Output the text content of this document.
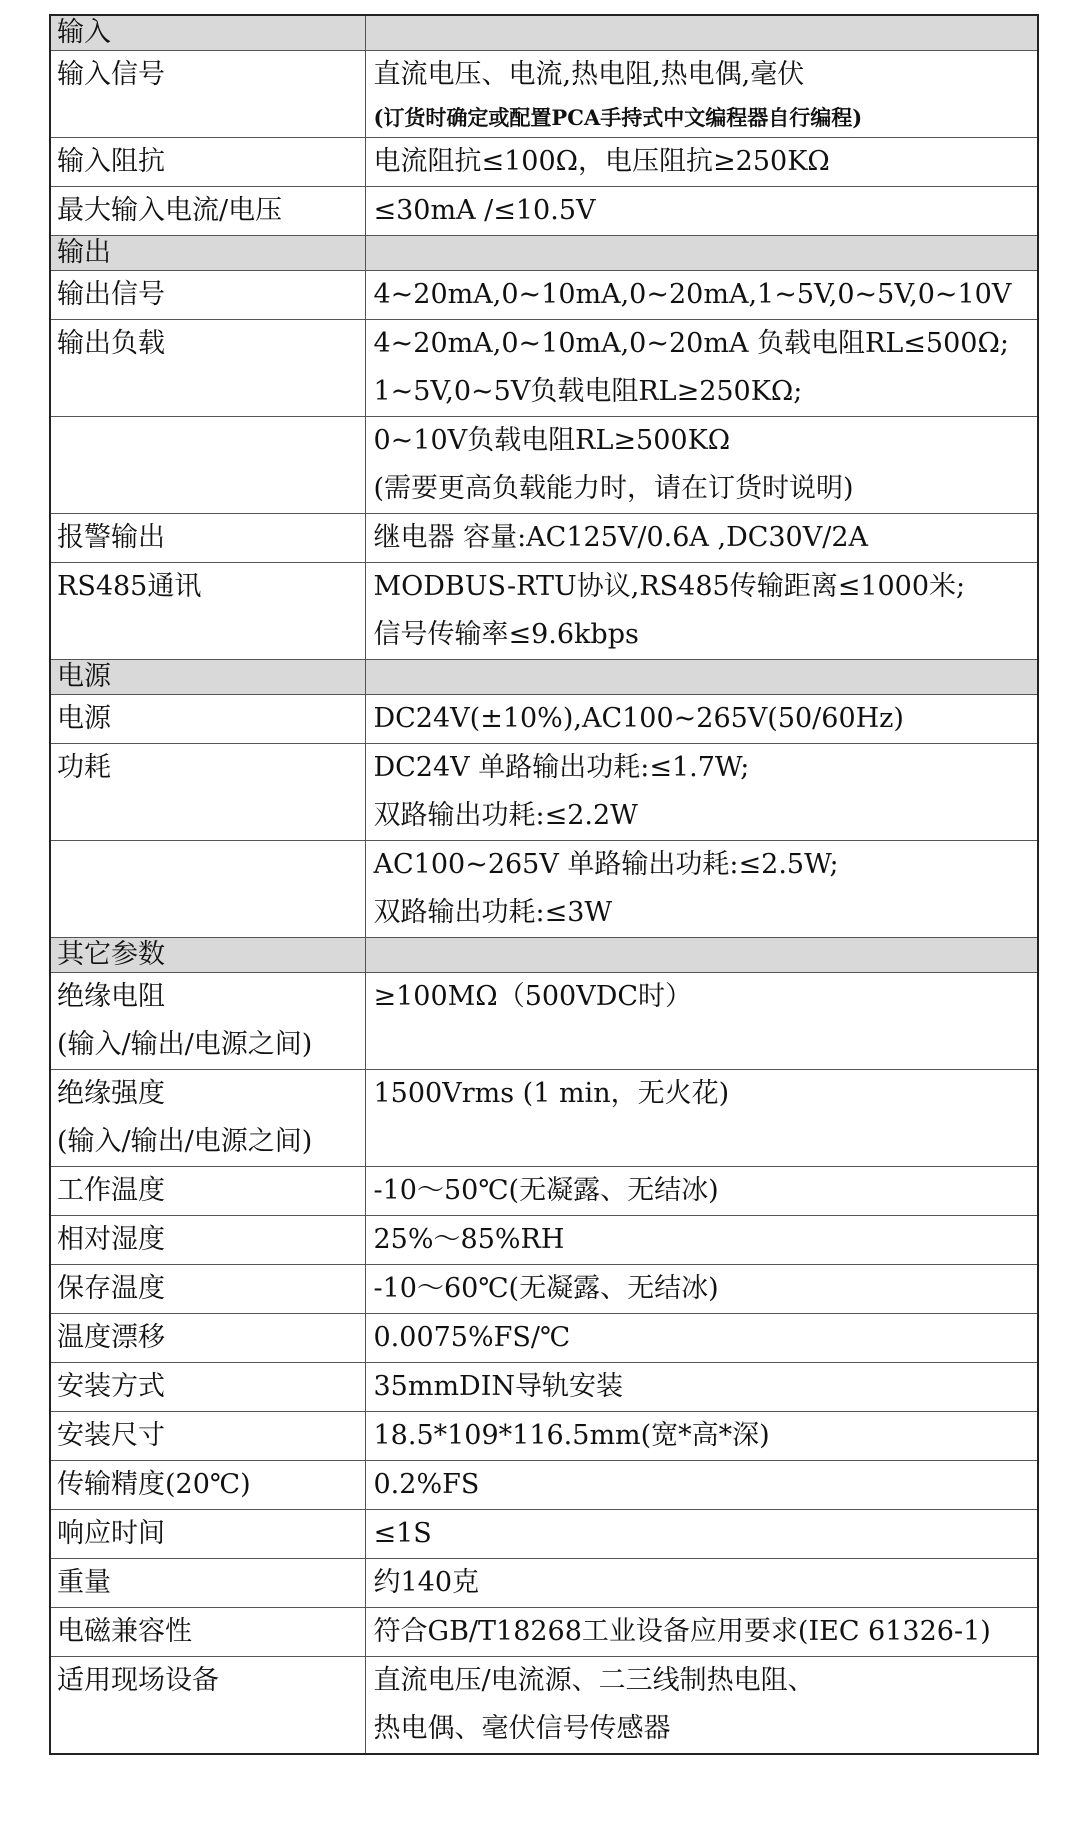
输入	

输入信号	直流电压、电流,热电阻,热电偶,毫伏
(订货时确定或配置PCA手持式中文编程器自行编程)

输入阻抗	电流阻抗≤100Ω，电压阻抗≥250KΩ

最大输入电流/电压	≤30mA /≤10.5V

输出	

输出信号	4~20mA,0~10mA,0~20mA,1~5V,0~5V,0~10V

输出负载	4~20mA,0~10mA,0~20mA 负载电阻RL≤500Ω;
1~5V,0~5V负载电阻RL≥250KΩ;

	0~10V负载电阻RL≥500KΩ
(需要更高负载能力时，请在订货时说明)

报警输出	继电器 容量:AC125V/0.6A ,DC30V/2A

RS485通讯	MODBUS-RTU协议,RS485传输距离≤1000米;
信号传输率≤9.6kbps

电源	

电源	DC24V(±10%),AC100~265V(50/60Hz)

功耗	DC24V 单路输出功耗:≤1.7W;
双路输出功耗:≤2.2W

	AC100~265V 单路输出功耗:≤2.5W;
双路输出功耗:≤3W

其它参数	

绝缘电阻
(输入/输出/电源之间)	≥100MΩ（500VDC时）

绝缘强度
(输入/输出/电源之间)	1500Vrms (1 min，无火花)

工作温度	-10～50℃(无凝露、无结冰)

相对湿度	25%～85%RH

保存温度	-10～60℃(无凝露、无结冰)

温度漂移	0.0075%FS/℃

安装方式	35mmDIN导轨安装

安装尺寸	18.5*109*116.5mm(宽*高*深)

传输精度(20℃)	0.2%FS

响应时间	≤1S

重量	约140克

电磁兼容性	符合GB/T18268工业设备应用要求(IEC 61326-1)

适用现场设备	直流电压/电流源、二三线制热电阻、
热电偶、毫伏信号传感器
